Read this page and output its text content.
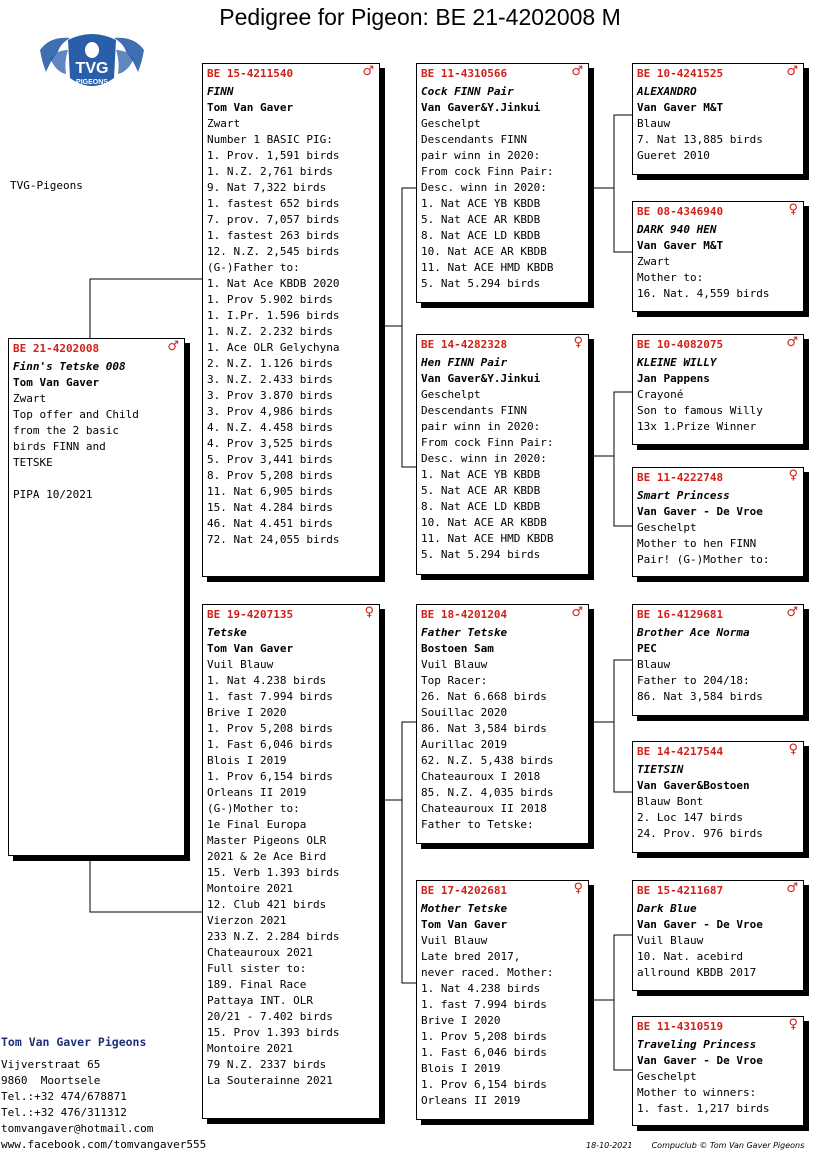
Pedigree for Pigeon: BE 21-4202008 M
TVG
PIGEONS
TOM VAN GAVER
TVG-Pigeons
BE 21-4202008	♂
Finn's Tetske 008
Tom Van Gaver
Zwart
Top offer and Child
from the 2 basic
birds FINN and
TETSKE
PIPA 10/2021
BE 15-4211540	♂
FINN
Tom Van Gaver
Zwart
Number 1 BASIC PIG:
1. Prov. 1,591 birds
1. N.Z. 2,761 birds
9. Nat 7,322 birds
1. fastest 652 birds
7. prov. 7,057 birds
1. fastest 263 birds
12. N.Z. 2,545 birds
(G-)Father to:
1. Nat Ace KBDB 2020
1. Prov 5.902 birds
1. I.Pr. 1.596 birds
1. N.Z. 2.232 birds
1. Ace OLR Gelychyna
2. N.Z. 1.126 birds
3. N.Z. 2.433 birds
3. Prov 3.870 birds
3. Prov 4,986 birds
4. N.Z. 4.458 birds
4. Prov 3,525 birds
5. Prov 3,441 birds
8. Prov 5,208 birds
11. Nat 6,905 birds
15. Nat 4.284 birds
46. Nat 4.451 birds
72. Nat 24,055 birds
BE 19-4207135	♀
Tetske
Tom Van Gaver
Vuil Blauw
1. Nat 4.238 birds
1. fast 7.994 birds
Brive I 2020
1. Prov 5,208 birds
1. Fast 6,046 birds
Blois I 2019
1. Prov 6,154 birds
Orleans II 2019
(G-)Mother to:
1e Final Europa
Master Pigeons OLR
2021 & 2e Ace Bird
15. Verb 1.393 birds
Montoire 2021
12. Club 421 birds
Vierzon 2021
233 N.Z. 2.284 birds
Chateauroux 2021
Full sister to:
189. Final Race
Pattaya INT. OLR
20/21 - 7.402 birds
15. Prov 1.393 birds
Montoire 2021
79 N.Z. 2337 birds
La Souterainne 2021
BE 11-4310566	♂
Cock FINN Pair
Van Gaver&Y.Jinkui
Geschelpt
Descendants FINN
pair winn in 2020:
From cock Finn Pair:
Desc. winn in 2020:
1. Nat ACE YB KBDB
5. Nat ACE AR KBDB
8. Nat ACE LD KBDB
10. Nat ACE AR KBDB
11. Nat ACE HMD KBDB
5. Nat 5.294 birds
BE 14-4282328	♀
Hen FINN Pair
Van Gaver&Y.Jinkui
Geschelpt
Descendants FINN
pair winn in 2020:
From cock Finn Pair:
Desc. winn in 2020:
1. Nat ACE YB KBDB
5. Nat ACE AR KBDB
8. Nat ACE LD KBDB
10. Nat ACE AR KBDB
11. Nat ACE HMD KBDB
5. Nat 5.294 birds
BE 18-4201204	♂
Father Tetske
Bostoen Sam
Vuil Blauw
Top Racer:
26. Nat 6.668 birds
Souillac 2020
86. Nat 3,584 birds
Aurillac 2019
62. N.Z. 5,438 birds
Chateauroux I 2018
85. N.Z. 4,035 birds
Chateauroux II 2018
Father to Tetske:
BE 17-4202681	♀
Mother Tetske
Tom Van Gaver
Vuil Blauw
Late bred 2017,
never raced. Mother:
1. Nat 4.238 birds
1. fast 7.994 birds
Brive I 2020
1. Prov 5,208 birds
1. Fast 6,046 birds
Blois I 2019
1. Prov 6,154 birds
Orleans II 2019
BE 10-4241525	♂
ALEXANDRO
Van Gaver M&T
Blauw
7. Nat 13,885 birds
Gueret 2010
BE 08-4346940	♀
DARK 940 HEN
Van Gaver M&T
Zwart
Mother to:
16. Nat. 4,559 birds
BE 10-4082075	♂
KLEINE WILLY
Jan Pappens
Crayoné
Son to famous Willy
13x 1.Prize Winner
BE 11-4222748	♀
Smart Princess
Van Gaver - De Vroe
Geschelpt
Mother to hen FINN
Pair! (G-)Mother to:
BE 16-4129681	♂
Brother Ace Norma
PEC
Blauw
Father to 204/18:
86. Nat 3,584 birds
BE 14-4217544	♀
TIETSIN
Van Gaver&Bostoen
Blauw Bont
2. Loc 147 birds
24. Prov. 976 birds
BE 15-4211687	♂
Dark Blue
Van Gaver - De Vroe
Vuil Blauw
10. Nat. acebird
allround KBDB 2017
BE 11-4310519	♀
Traveling Princess
Van Gaver - De Vroe
Geschelpt
Mother to winners:
1. fast. 1,217 birds
Tom Van Gaver Pigeons
Vijverstraat 65
9860  Moortsele
Tel.:+32 474/678871
Tel.:+32 476/311312
tomvangaver@hotmail.com
www.facebook.com/tomvangaver555	18-10-2021 Compuclub © Tom Van Gaver Pigeons
